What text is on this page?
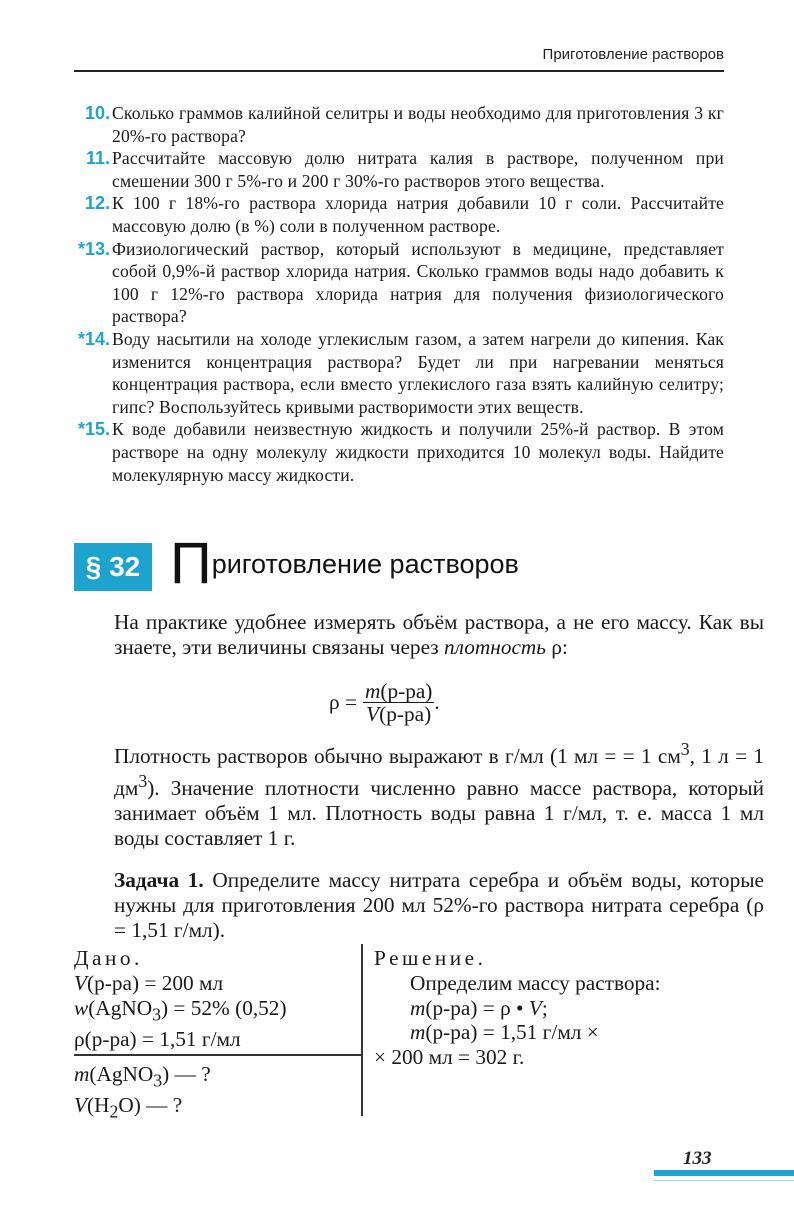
Приготовление растворов
10. Сколько граммов калийной селитры и воды необходимо для приготовления 3 кг 20%-го раствора?
11. Рассчитайте массовую долю нитрата калия в растворе, полученном при смешении 300 г 5%-го и 200 г 30%-го растворов этого вещества.
12. К 100 г 18%-го раствора хлорида натрия добавили 10 г соли. Рассчитайте массовую долю (в %) соли в полученном растворе.
*13. Физиологический раствор, который используют в медицине, представляет собой 0,9%-й раствор хлорида натрия. Сколько граммов воды надо добавить к 100 г 12%-го раствора хлорида натрия для получения физиологического раствора?
*14. Воду насытили на холоде углекислым газом, а затем нагрели до кипения. Как изменится концентрация раствора? Будет ли при нагревании меняться концентрация раствора, если вместо углекислого газа взять калийную селитру; гипс? Воспользуйтесь кривыми растворимости этих веществ.
*15. К воде добавили неизвестную жидкость и получили 25%-й раствор. В этом растворе на одну молекулу жидкости приходится 10 молекул воды. Найдите молекулярную массу жидкости.
§ 32 Приготовление растворов
На практике удобнее измерять объём раствора, а не его массу. Как вы знаете, эти величины связаны через плотность ρ:
$\rho = \frac{m(р-ра)}{V(р-ра)}$ .
Плотность растворов обычно выражают в г/мл (1 мл = = 1 $см^3$, 1 л = 1 $дм^3$). Значение плотности численно равно массе раствора, который занимает объём 1 мл. Плотность воды равна 1 г/мл, т. е. масса 1 мл воды составляет 1 г.
Задача 1. Определите массу нитрата серебра и объём воды, которые нужны для приготовления 200 мл 52%-го раствора нитрата серебра (ρ = 1,51 г/мл).
Дано.
V(р-ра) = 200 мл
w(AgNO$_3$) = 52% (0,52)
ρ(р-ра) = 1,51 г/мл
m(AgNO$_3$) — ?
$V(H_2O)$ — ?
Решение.
Определим массу раствора:
m(р-ра) = ρ • V;
m(р-ра) = 1,51 г/мл ×
× 200 мл = 302 г.
133
